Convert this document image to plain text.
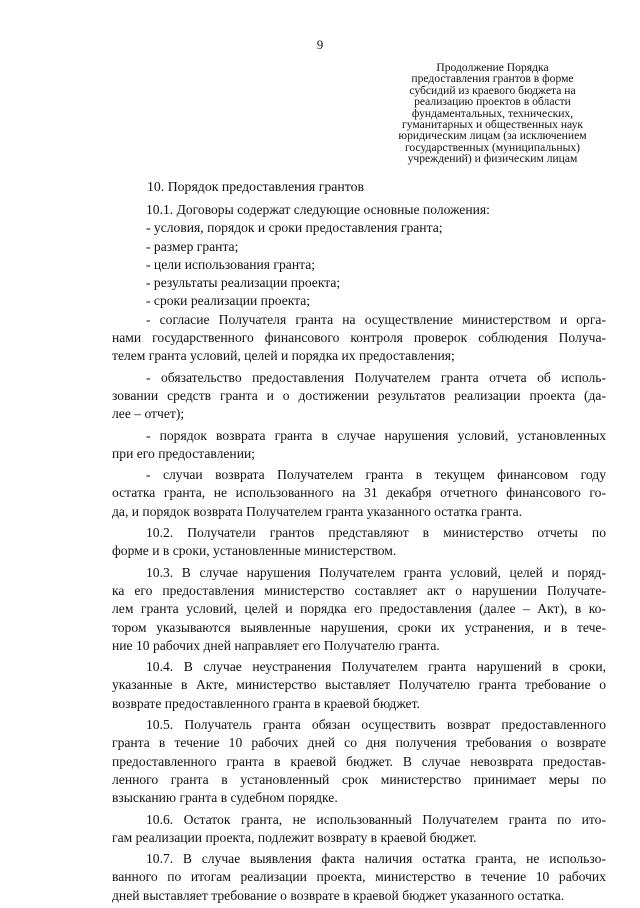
9
Продолжение Порядка
предоставления грантов в форме
субсидий из краевого бюджета на
реализацию проектов в области
фундаментальных, технических,
гуманитарных и общественных наук
юридическим лицам (за исключением
государственных (муниципальных)
учреждений) и физическим лицам
10. Порядок предоставления грантов

10.1. Договоры содержат следующие основные положения:

- условия, порядок и сроки предоставления гранта;

- размер гранта;

- цели использования гранта;

- результаты реализации проекта;

- сроки реализации проекта;

- согласие Получателя гранта на осуществление министерством и орга-
нами государственного финансового контроля проверок соблюдения Получа-
телем гранта условий, целей и порядка их предоставления;

- обязательство предоставления Получателем гранта отчета об исполь-
зовании средств гранта и о достижении результатов реализации проекта (да-
лее – отчет);

- порядок возврата гранта в случае нарушения условий, установленных
при его предоставлении;

- случаи возврата Получателем гранта в текущем финансовом году
остатка гранта, не использованного на 31 декабря отчетного финансового го-
да, и порядок возврата Получателем гранта указанного остатка гранта.

10.2. Получатели грантов представляют в министерство отчеты по
форме и в сроки, установленные министерством.

10.3. В случае нарушения Получателем гранта условий, целей и поряд-
ка его предоставления министерство составляет акт о нарушении Получате-
лем гранта условий, целей и порядка его предоставления (далее – Акт), в ко-
тором указываются выявленные нарушения, сроки их устранения, и в тече-
ние 10 рабочих дней направляет его Получателю гранта.

10.4. В случае неустранения Получателем гранта нарушений в сроки,
указанные в Акте, министерство выставляет Получателю гранта требование о
возврате предоставленного гранта в краевой бюджет.

10.5. Получатель гранта обязан осуществить возврат предоставленного
гранта в течение 10 рабочих дней со дня получения требования о возврате
предоставленного гранта в краевой бюджет. В случае невозврата предостав-
ленного гранта в установленный срок министерство принимает меры по
взысканию гранта в судебном порядке.

10.6. Остаток гранта, не использованный Получателем гранта по ито-
гам реализации проекта, подлежит возврату в краевой бюджет.

10.7. В случае выявления факта наличия остатка гранта, не использо-
ванного по итогам реализации проекта, министерство в течение 10 рабочих
дней выставляет требование о возврате в краевой бюджет указанного остатка.
